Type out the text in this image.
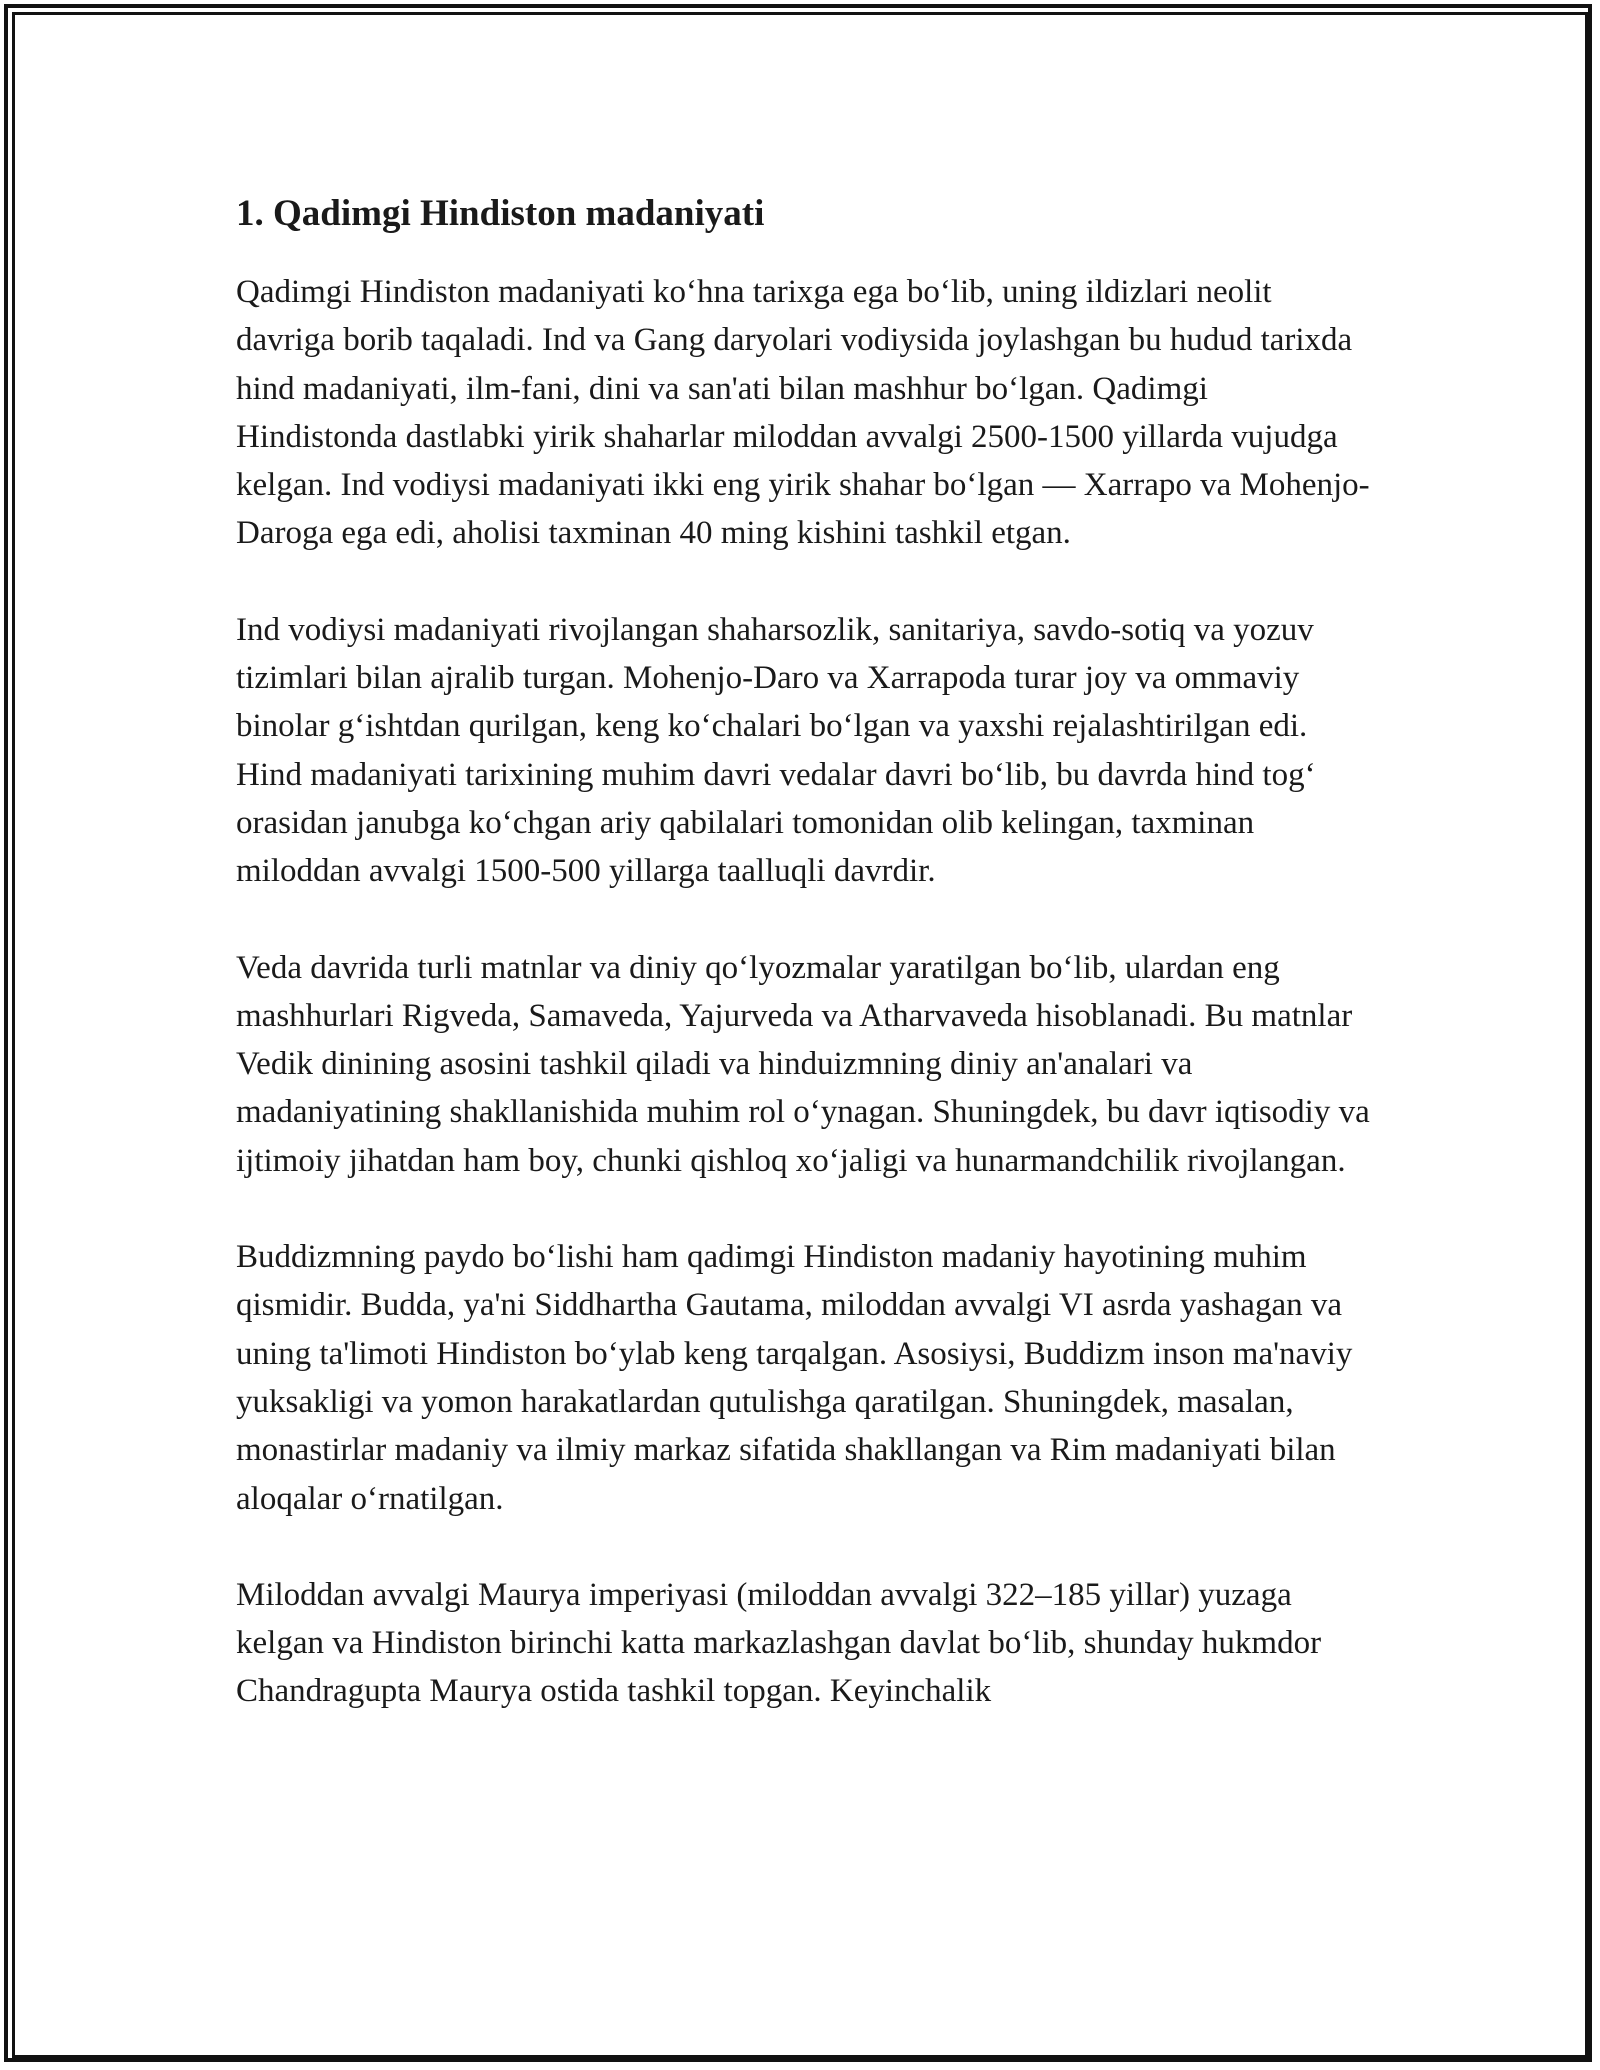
1. Qadimgi Hindiston madaniyati

Qadimgi Hindiston madaniyati ko‘hna tarixga ega bo‘lib, uning ildizlari neolit davriga borib taqaladi. Ind va Gang daryolari vodiysida joylashgan bu hudud tarixda hind madaniyati, ilm-fani, dini va san'ati bilan mashhur bo‘lgan. Qadimgi Hindistonda dastlabki yirik shaharlar miloddan avvalgi 2500-1500 yillarda vujudga kelgan. Ind vodiysi madaniyati ikki eng yirik shahar bo‘lgan — Xarrapo va Mohenjo-Daroga ega edi, aholisi taxminan 40 ming kishini tashkil etgan.

Ind vodiysi madaniyati rivojlangan shaharsozlik, sanitariya, savdo-sotiq va yozuv tizimlari bilan ajralib turgan. Mohenjo-Daro va Xarrapoda turar joy va ommaviy binolar g‘ishtdan qurilgan, keng ko‘chalari bo‘lgan va yaxshi rejalashtirilgan edi. Hind madaniyati tarixining muhim davri vedalar davri bo‘lib, bu davrda hind tog‘ orasidan janubga ko‘chgan ariy qabilalari tomonidan olib kelingan, taxminan miloddan avvalgi 1500-500 yillarga taalluqli davrdir.

Veda davrida turli matnlar va diniy qo‘lyozmalar yaratilgan bo‘lib, ulardan eng mashhurlari Rigveda, Samaveda, Yajurveda va Atharvaveda hisoblanadi. Bu matnlar Vedik dinining asosini tashkil qiladi va hinduizmning diniy an'analari va madaniyatining shakllanishida muhim rol o‘ynagan. Shuningdek, bu davr iqtisodiy va ijtimoiy jihatdan ham boy, chunki qishloq xo‘jaligi va hunarmandchilik rivojlangan.

Buddizmning paydo bo‘lishi ham qadimgi Hindiston madaniy hayotining muhim qismidir. Budda, ya'ni Siddhartha Gautama, miloddan avvalgi VI asrda yashagan va uning ta'limoti Hindiston bo‘ylab keng tarqalgan. Asosiysi, Buddizm inson ma'naviy yuksakligi va yomon harakatlardan qutulishga qaratilgan. Shuningdek, masalan, monastirlar madaniy va ilmiy markaz sifatida shakllangan va Rim madaniyati bilan aloqalar o‘rnatilgan.

Miloddan avvalgi Maurya imperiyasi (miloddan avvalgi 322–185 yillar) yuzaga kelgan va Hindiston birinchi katta markazlashgan davlat bo‘lib, shunday hukmdor Chandragupta Maurya ostida tashkil topgan. Keyinchalik
